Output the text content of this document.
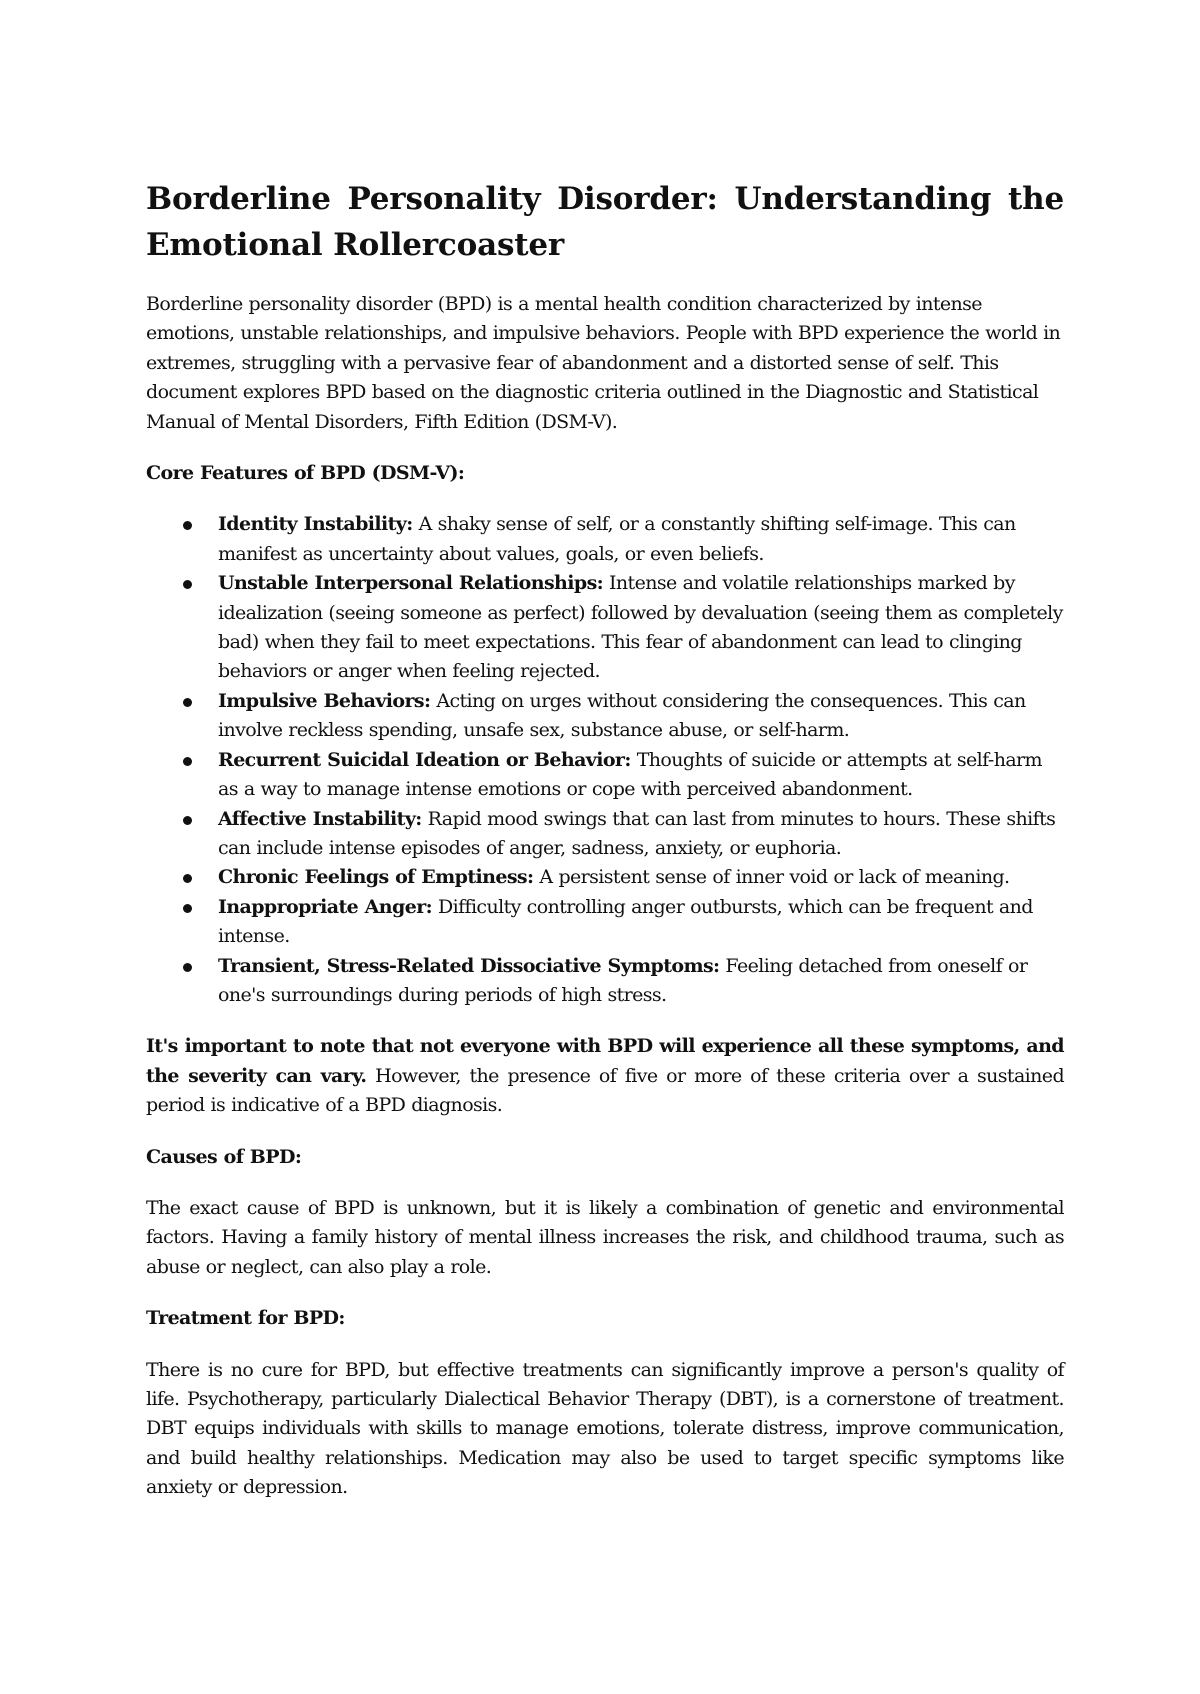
Borderline Personality Disorder: Understanding the Emotional Rollercoaster

Borderline personality disorder (BPD) is a mental health condition characterized by intense emotions, unstable relationships, and impulsive behaviors. People with BPD experience the world in extremes, struggling with a pervasive fear of abandonment and a distorted sense of self. This document explores BPD based on the diagnostic criteria outlined in the Diagnostic and Statistical Manual of Mental Disorders, Fifth Edition (DSM-V).

Core Features of BPD (DSM-V):
Identity Instability: A shaky sense of self, or a constantly shifting self-image. This can manifest as uncertainty about values, goals, or even beliefs.
Unstable Interpersonal Relationships: Intense and volatile relationships marked by idealization (seeing someone as perfect) followed by devaluation (seeing them as completely bad) when they fail to meet expectations. This fear of abandonment can lead to clinging behaviors or anger when feeling rejected.
Impulsive Behaviors: Acting on urges without considering the consequences. This can involve reckless spending, unsafe sex, substance abuse, or self-harm.
Recurrent Suicidal Ideation or Behavior: Thoughts of suicide or attempts at self-harm as a way to manage intense emotions or cope with perceived abandonment.
Affective Instability: Rapid mood swings that can last from minutes to hours. These shifts can include intense episodes of anger, sadness, anxiety, or euphoria.
Chronic Feelings of Emptiness: A persistent sense of inner void or lack of meaning.
Inappropriate Anger: Difficulty controlling anger outbursts, which can be frequent and intense.
Transient, Stress-Related Dissociative Symptoms: Feeling detached from oneself or one's surroundings during periods of high stress.

It's important to note that not everyone with BPD will experience all these symptoms, and the severity can vary. However, the presence of five or more of these criteria over a sustained period is indicative of a BPD diagnosis.

Causes of BPD:

The exact cause of BPD is unknown, but it is likely a combination of genetic and environmental factors. Having a family history of mental illness increases the risk, and childhood trauma, such as abuse or neglect, can also play a role.

Treatment for BPD:

There is no cure for BPD, but effective treatments can significantly improve a person's quality of life. Psychotherapy, particularly Dialectical Behavior Therapy (DBT), is a cornerstone of treatment. DBT equips individuals with skills to manage emotions, tolerate distress, improve communication, and build healthy relationships. Medication may also be used to target specific symptoms like anxiety or depression.
